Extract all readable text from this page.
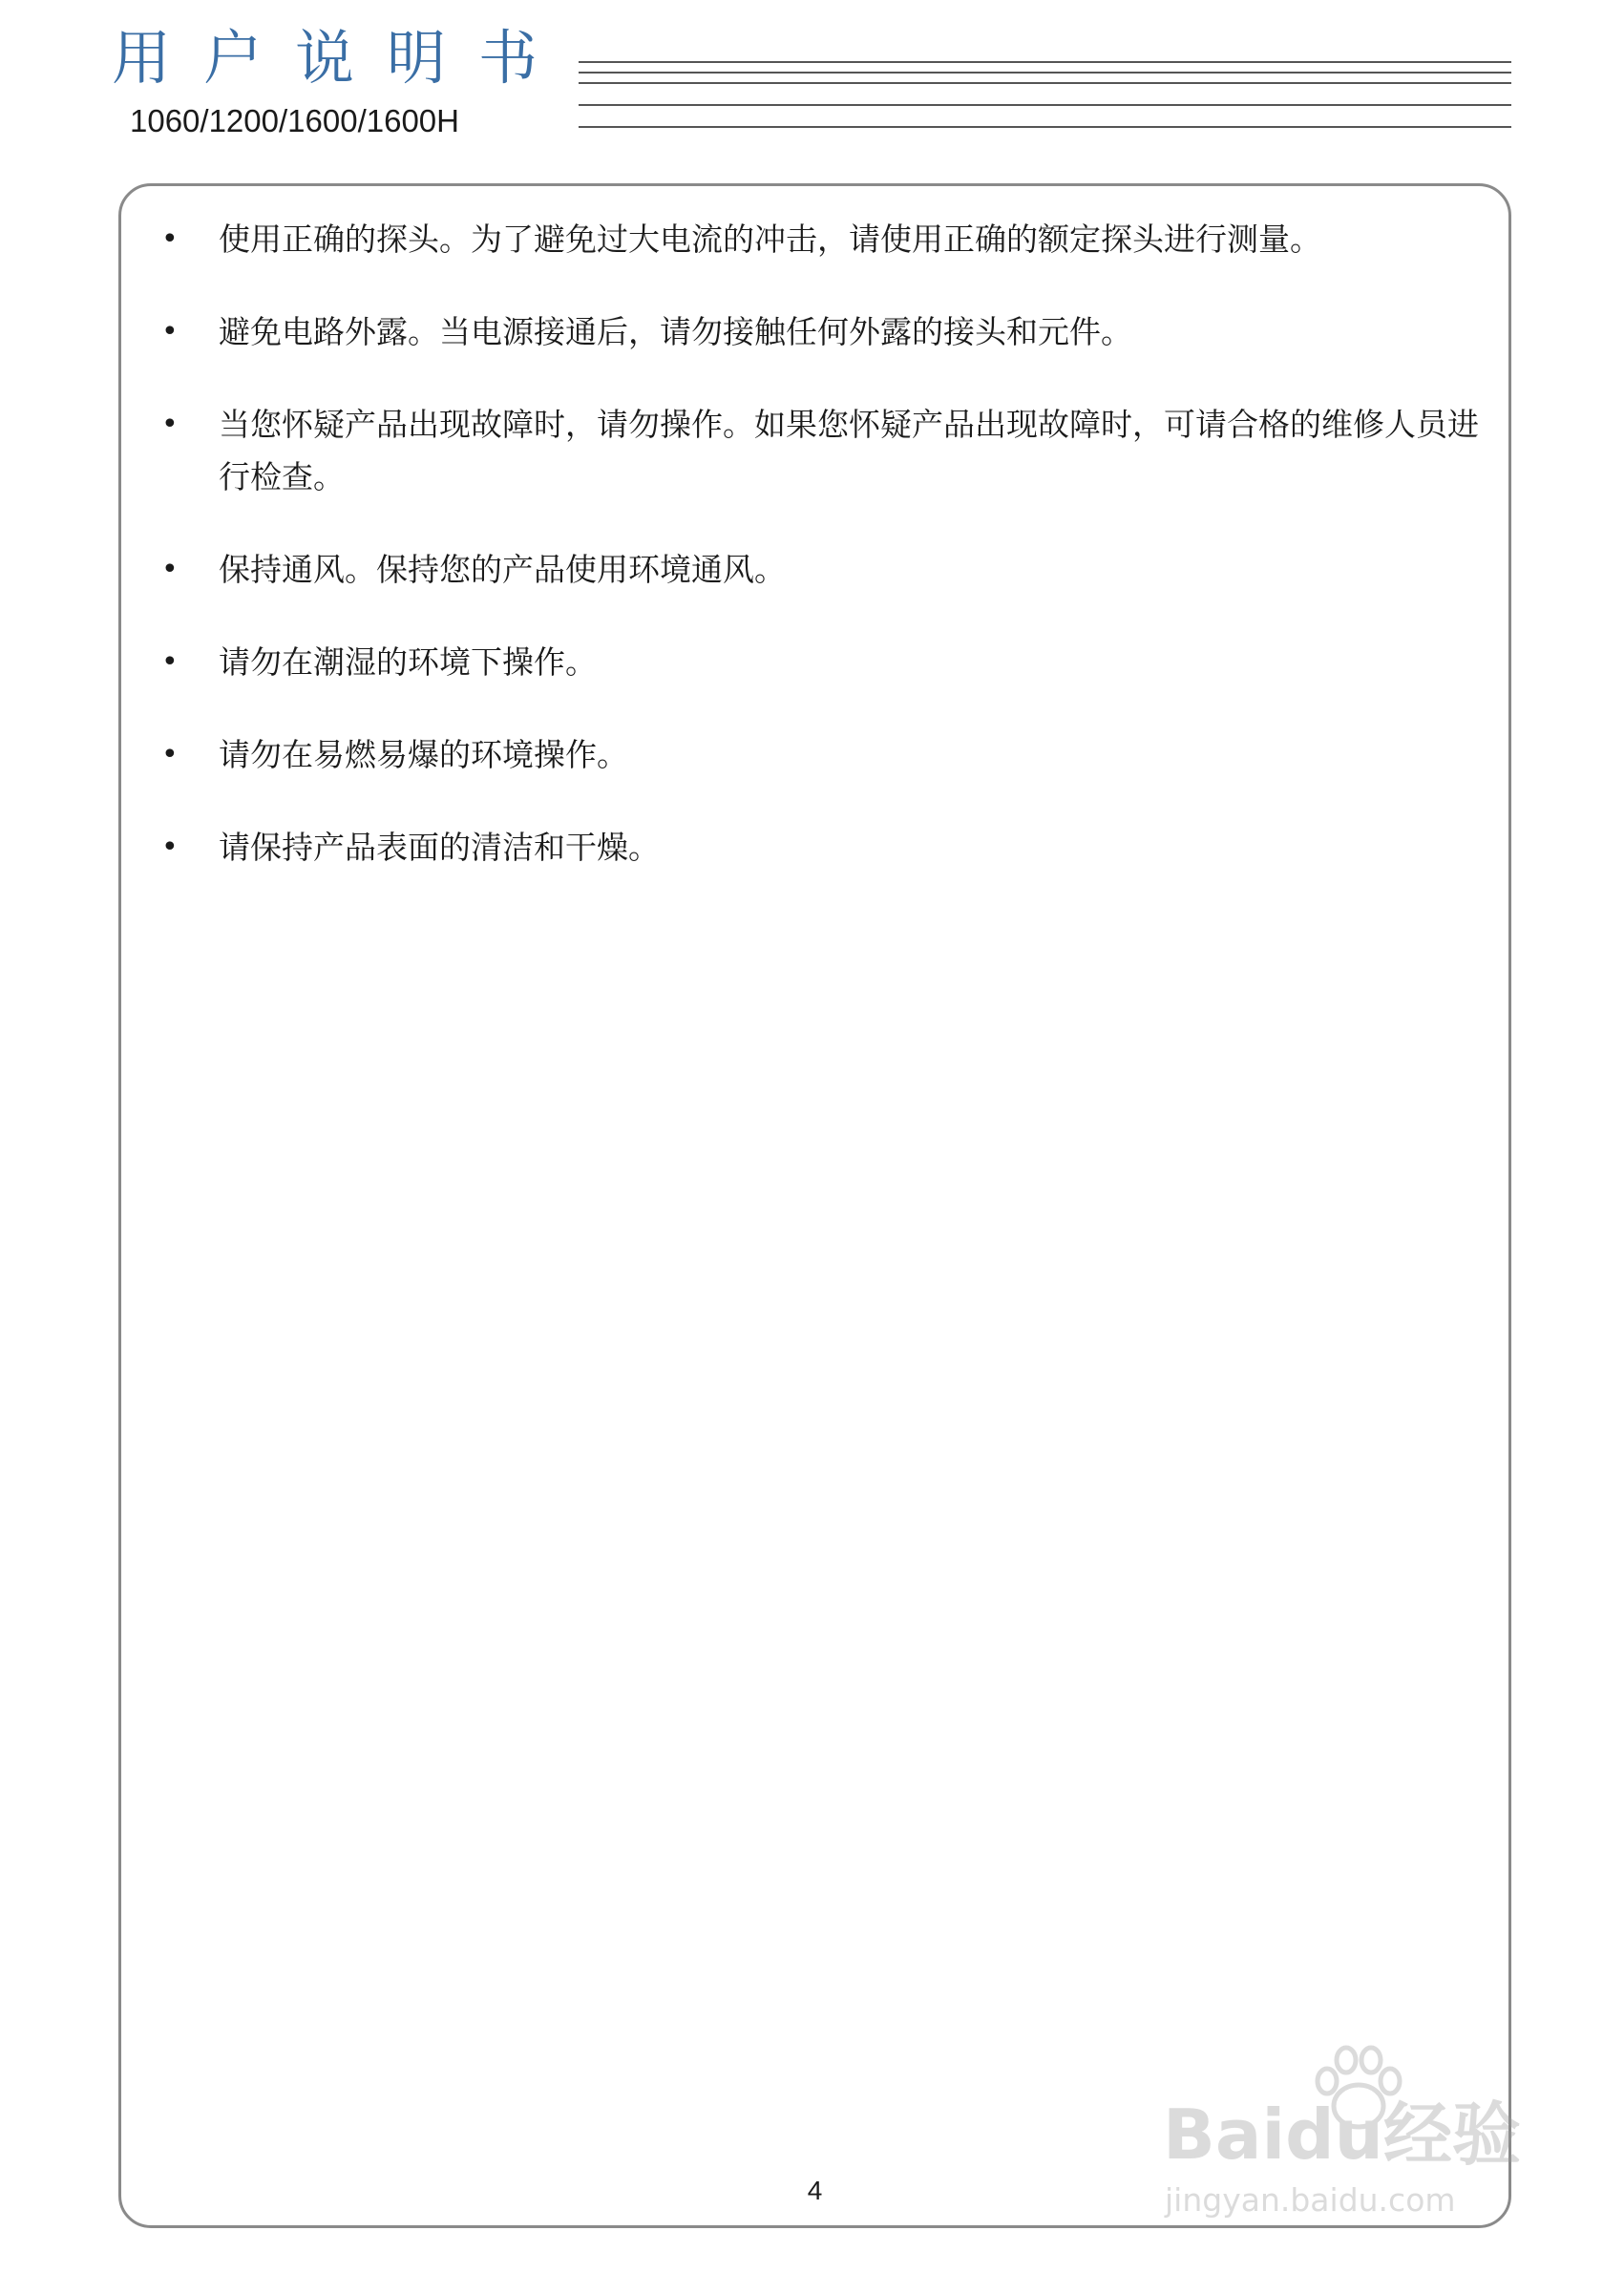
用户说明书
1060/1200/1600/1600H
• 使用正确的探头。为了避免过大电流的冲击，请使用正确的额定探头进行测量。
• 避免电路外露。当电源接通后，请勿接触任何外露的接头和元件。
• 当您怀疑产品出现故障时，请勿操作。如果您怀疑产品出现故障时，可请合格的维修人员进行检查。
• 保持通风。保持您的产品使用环境通风。
• 请勿在潮湿的环境下操作。
• 请勿在易燃易爆的环境操作。
• 请保持产品表面的清洁和干燥。
4
Baidu经验
jingyan.baidu.com
